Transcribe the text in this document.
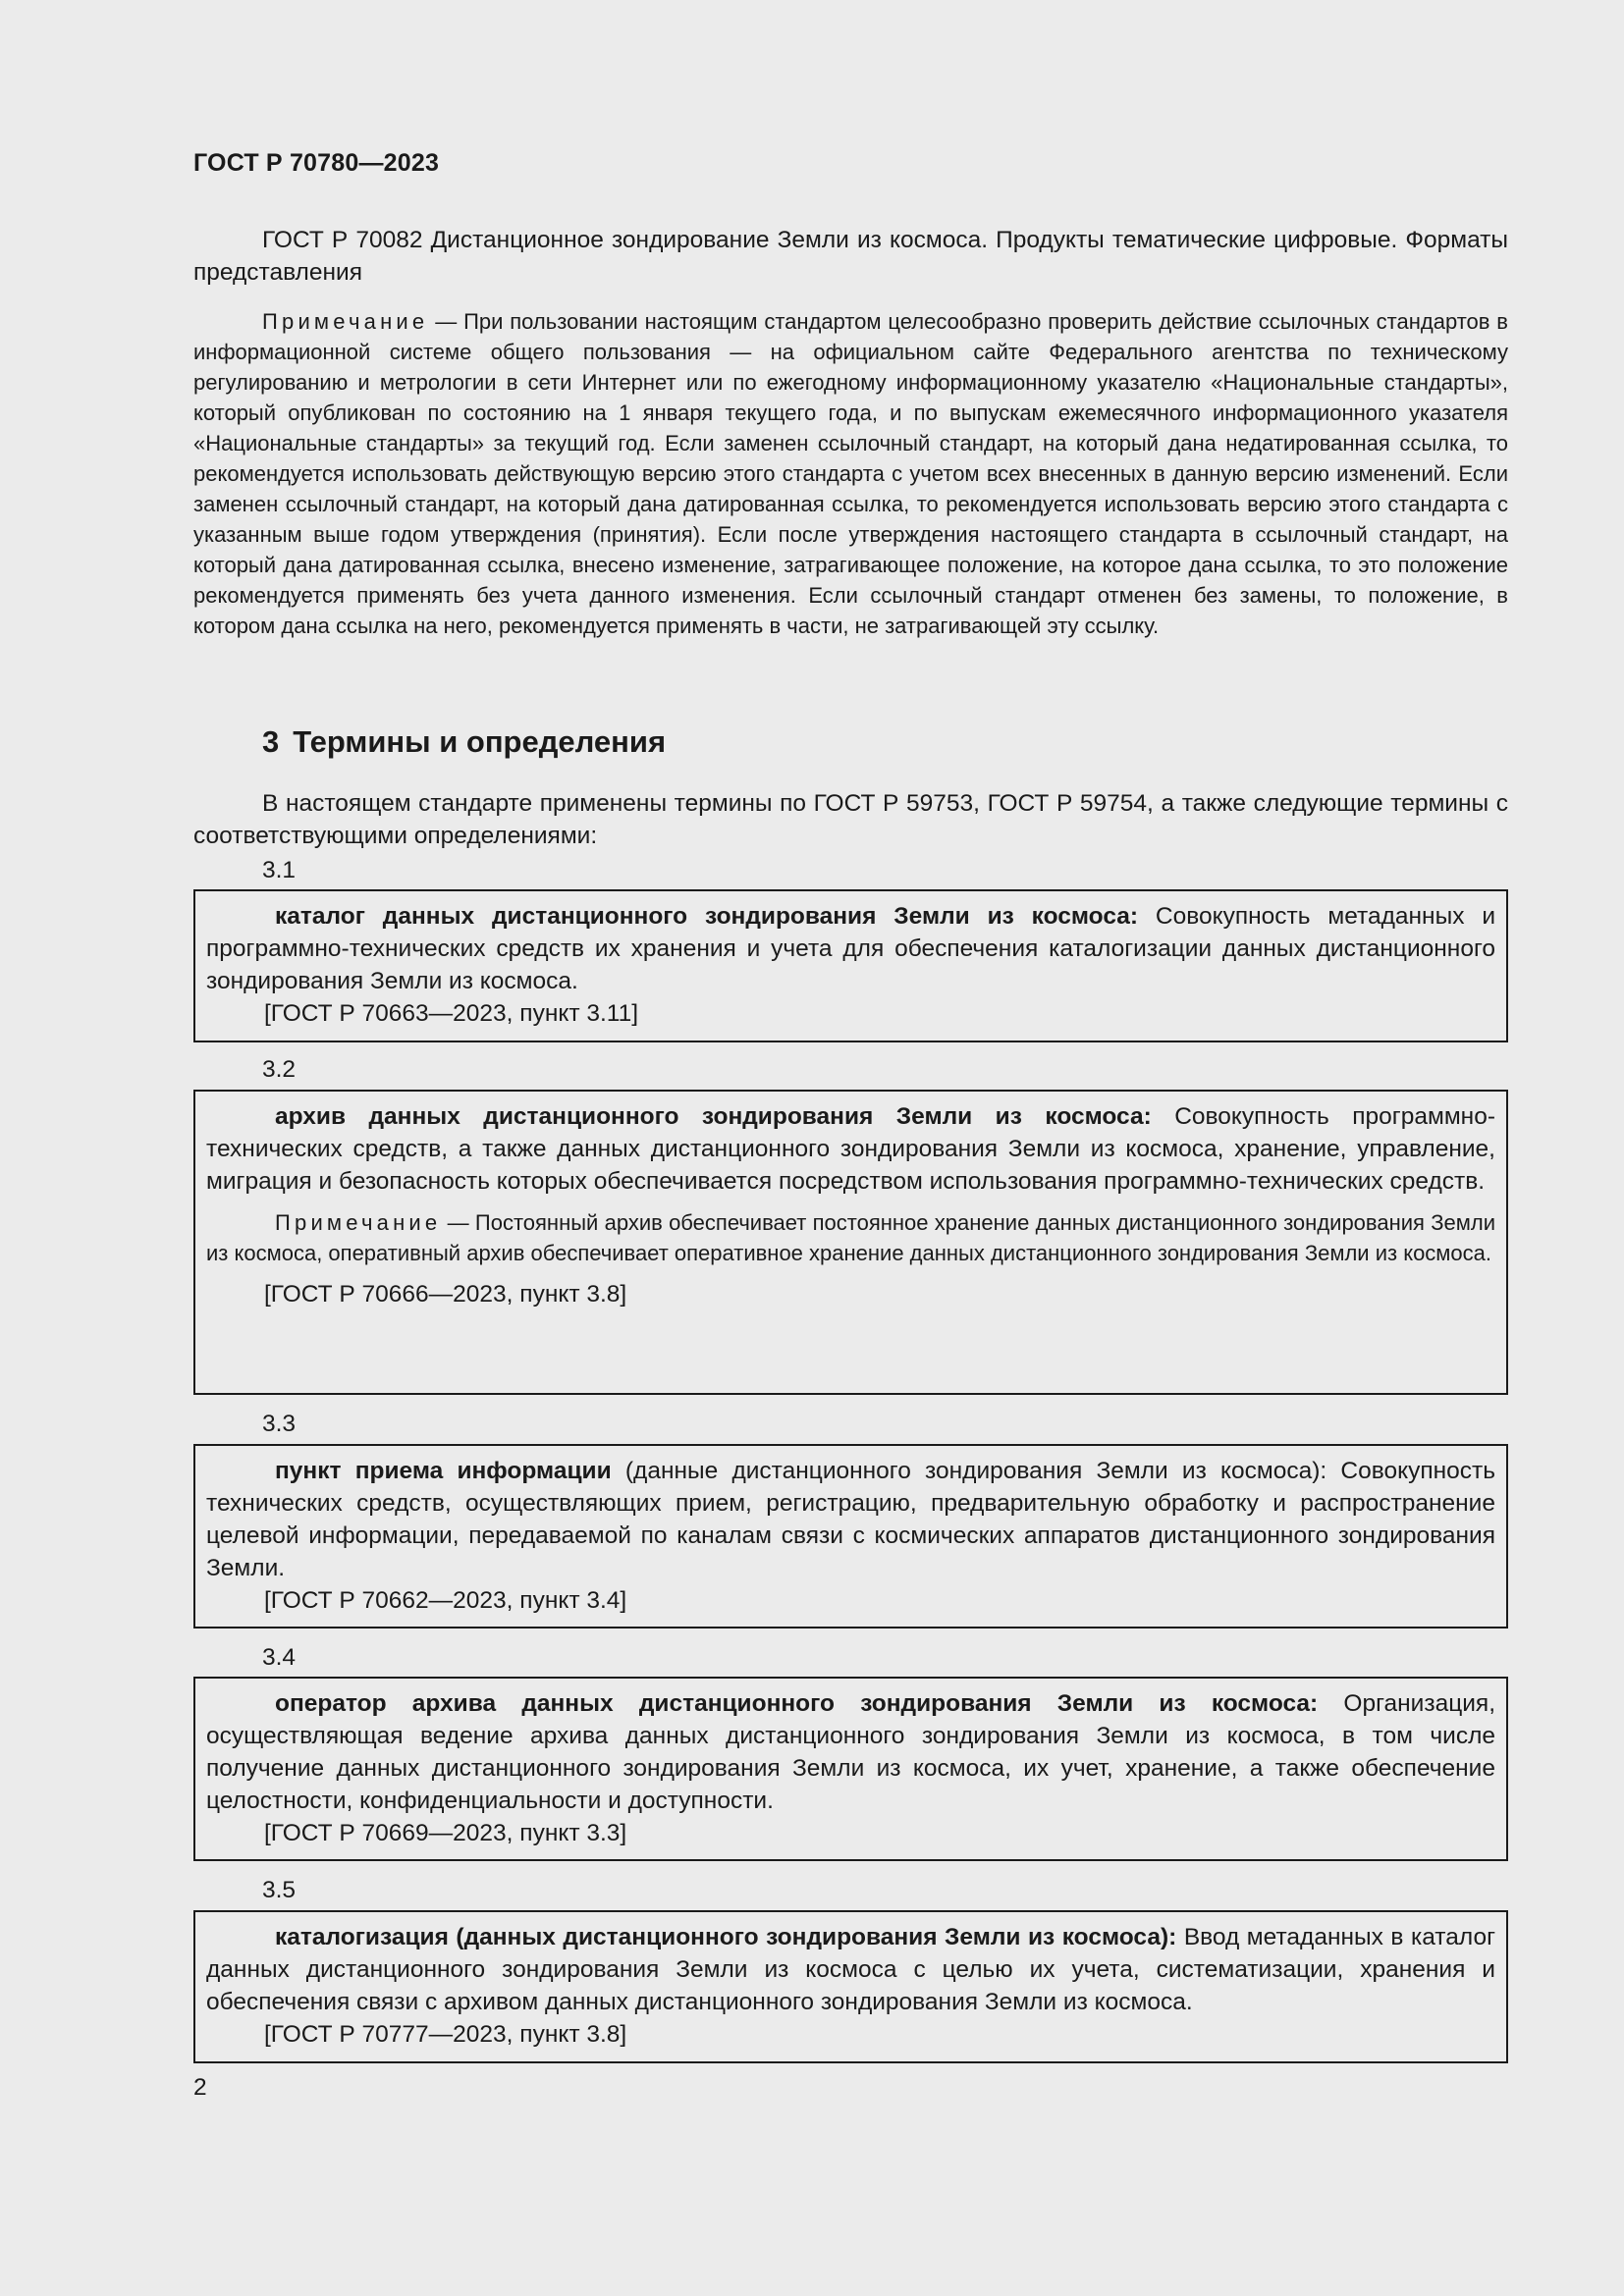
ГОСТ Р 70780—2023

ГОСТ Р 70082 Дистанционное зондирование Земли из космоса. Продукты тематические цифровые. Форматы представления

Примечание — При пользовании настоящим стандартом целесообразно проверить действие ссылочных стандартов в информационной системе общего пользования — на официальном сайте Федерального агентства по техническому регулированию и метрологии в сети Интернет или по ежегодному информационному указателю «Национальные стандарты», который опубликован по состоянию на 1 января текущего года, и по выпускам ежемесячного информационного указателя «Национальные стандарты» за текущий год. Если заменен ссылочный стандарт, на который дана недатированная ссылка, то рекомендуется использовать действующую версию этого стандарта с учетом всех внесенных в данную версию изменений. Если заменен ссылочный стандарт, на который дана датированная ссылка, то рекомендуется использовать версию этого стандарта с указанным выше годом утверждения (принятия). Если после утверждения настоящего стандарта в ссылочный стандарт, на который дана датированная ссылка, внесено изменение, затрагивающее положение, на которое дана ссылка, то это положение рекомендуется применять без учета данного изменения. Если ссылочный стандарт отменен без замены, то положение, в котором дана ссылка на него, рекомендуется применять в части, не затрагивающей эту ссылку.

3 Термины и определения

В настоящем стандарте применены термины по ГОСТ Р 59753, ГОСТ Р 59754, а также следующие термины с соответствующими определениями:

3.1

каталог данных дистанционного зондирования Земли из космоса: Совокупность метаданных и программно-технических средств их хранения и учета для обеспечения каталогизации данных дистанционного зондирования Земли из космоса.

[ГОСТ Р 70663—2023, пункт 3.11]

3.2

архив данных дистанционного зондирования Земли из космоса: Совокупность программно-технических средств, а также данных дистанционного зондирования Земли из космоса, хранение, управление, миграция и безопасность которых обеспечивается посредством использования программно-технических средств.

Примечание — Постоянный архив обеспечивает постоянное хранение данных дистанционного зондирования Земли из космоса, оперативный архив обеспечивает оперативное хранение данных дистанционного зондирования Земли из космоса.

[ГОСТ Р 70666—2023, пункт 3.8]

3.3

пункт приема информации (данные дистанционного зондирования Земли из космоса): Совокупность технических средств, осуществляющих прием, регистрацию, предварительную обработку и распространение целевой информации, передаваемой по каналам связи с космических аппаратов дистанционного зондирования Земли.

[ГОСТ Р 70662—2023, пункт 3.4]

3.4

оператор архива данных дистанционного зондирования Земли из космоса: Организация, осуществляющая ведение архива данных дистанционного зондирования Земли из космоса, в том числе получение данных дистанционного зондирования Земли из космоса, их учет, хранение, а также обеспечение целостности, конфиденциальности и доступности.

[ГОСТ Р 70669—2023, пункт 3.3]

3.5

каталогизация (данных дистанционного зондирования Земли из космоса): Ввод метаданных в каталог данных дистанционного зондирования Земли из космоса с целью их учета, систематизации, хранения и обеспечения связи с архивом данных дистанционного зондирования Земли из космоса.

[ГОСТ Р 70777—2023, пункт 3.8]

2
